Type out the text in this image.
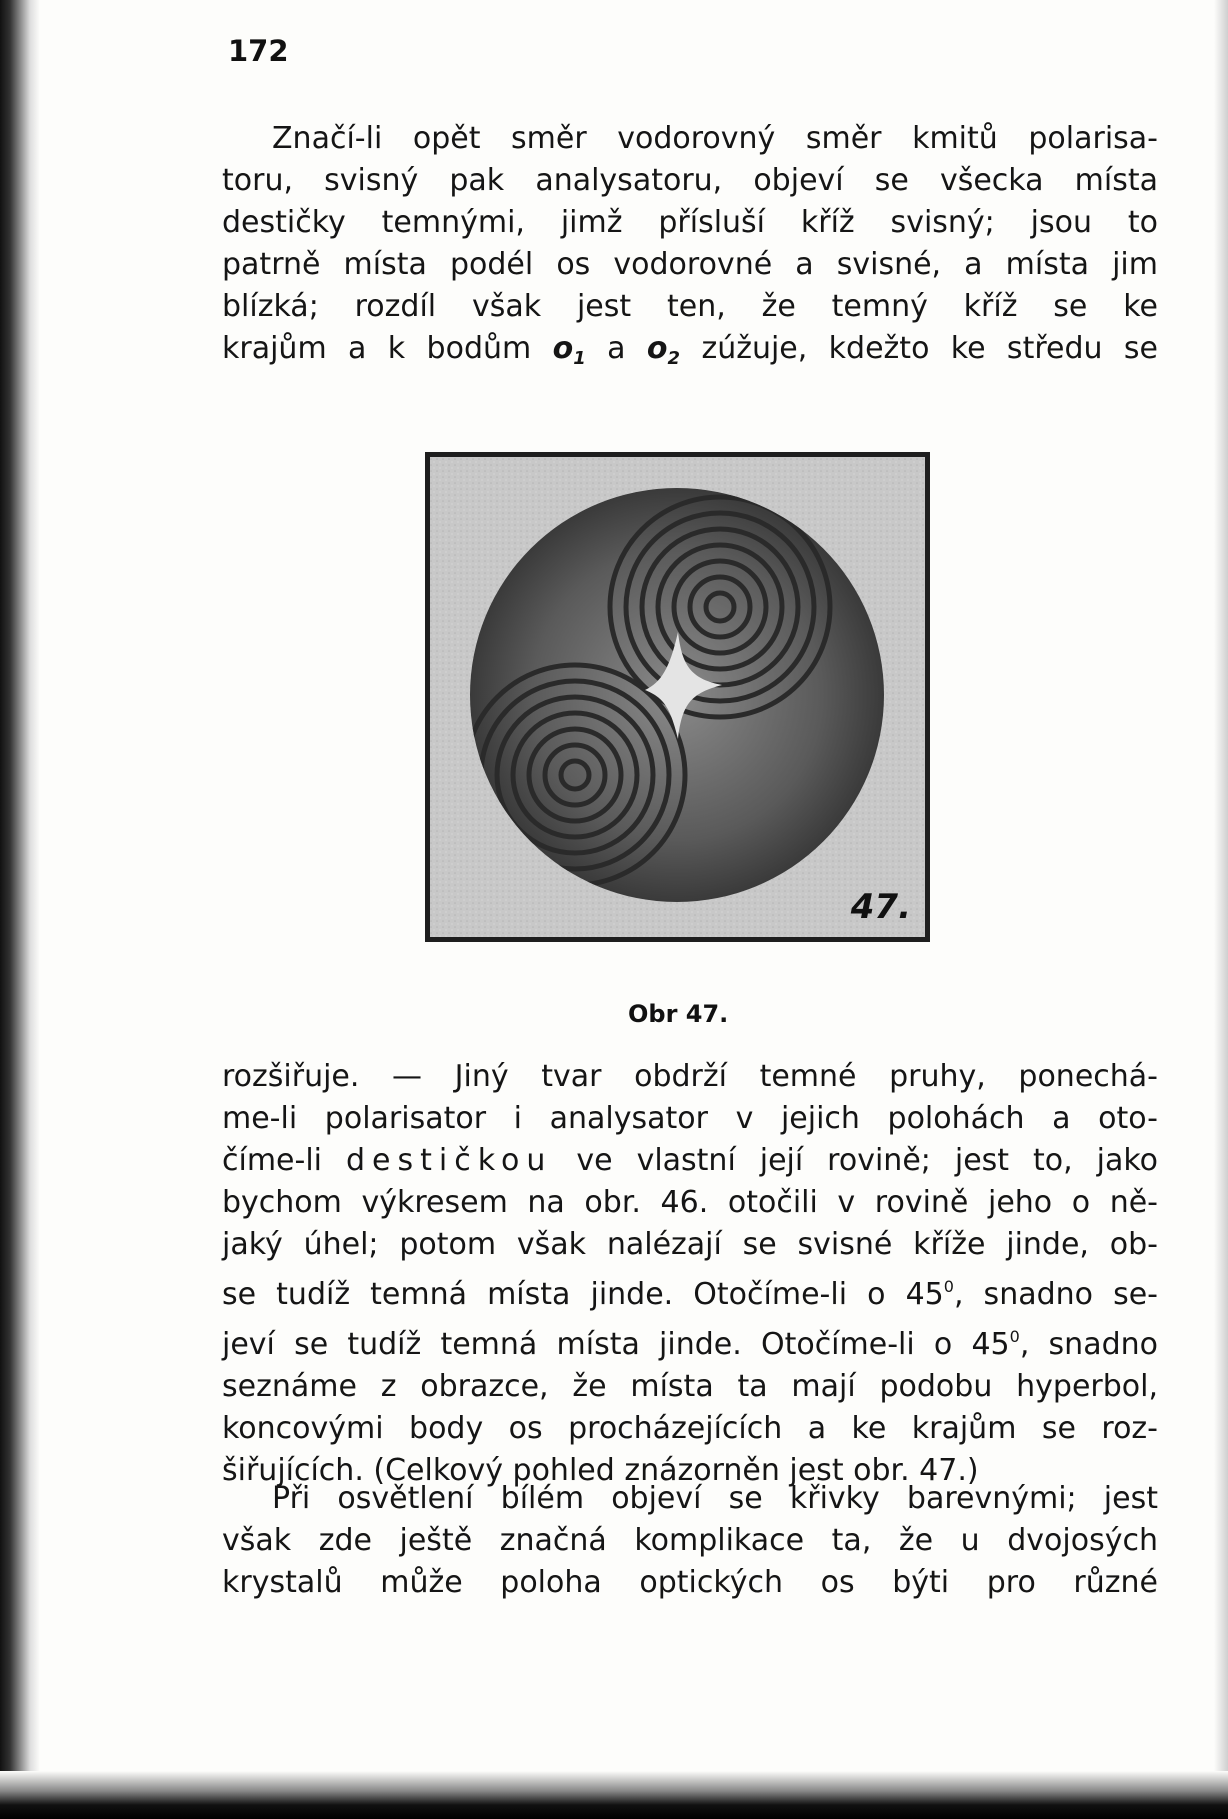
172
Značí-li opět směr vodorovný směr kmitů polarisa-
toru, svisný pak analysatoru, objeví se všecka místa
destičky temnými, jimž přísluší kříž svisný; jsou to
patrně místa podél os vodorovné a svisné, a místa jim
blízká; rozdíl však jest ten, že temný kříž se ke
krajům a k bodům $o_1$ a $o_2$ zúžuje, kdežto ke středu se
47.
Obr 47.
rozšiřuje. — Jiný tvar obdrží temné pruhy, ponechá-
me-li polarisator i analysator v jejich polohách a oto-
číme-li destičkou ve vlastní její rovině; jest to, jako
bychom výkresem na obr. 46. otočili v rovině jeho o ně-
jaký úhel; potom však nalézají se svisné kříže jinde, ob-
se tudíž temná místa jinde. Otočíme-li o $45^0$, snadno se-
jeví se tudíž temná místa jinde. Otočíme-li o $45^0$, snadno
seznáme z obrazce, že místa ta mají podobu hyperbol,
koncovými body os procházejících a ke krajům se roz-
šiřujících. (Celkový pohled znázorněn jest obr. 47.)
Při osvětlení bílém objeví se křivky barevnými; jest
však zde ještě značná komplikace ta, že u dvojosých
krystalů může poloha optických os býti pro různé
